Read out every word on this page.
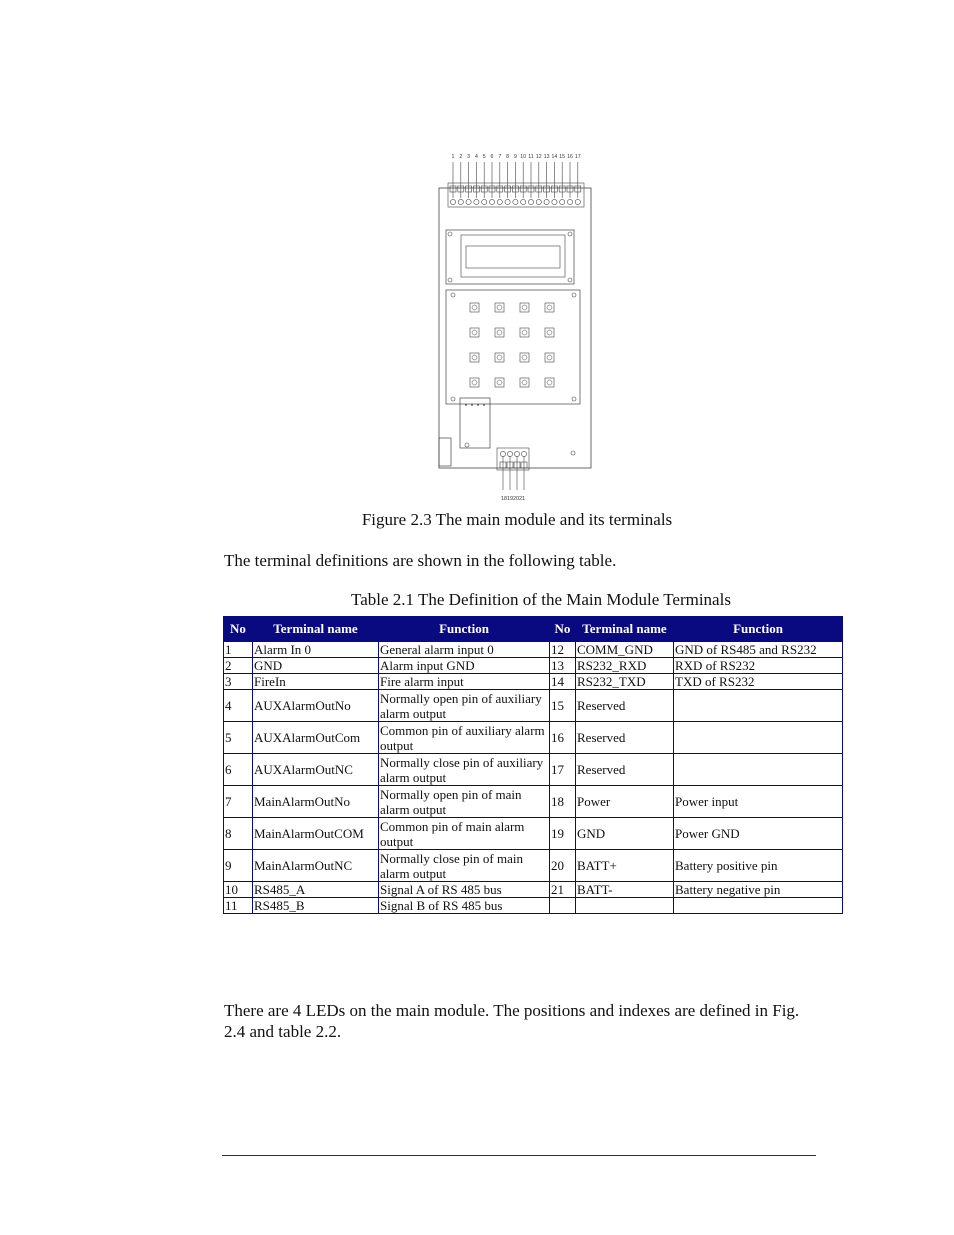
1 2 3 4 5 6 7 8 9 10 11 12 13 14 15 16 17
18192021
Figure 2.3 The main module and its terminals
The terminal definitions are shown in the following table.
Table 2.1 The Definition of the Main Module Terminals
No	Terminal name	Function	No	Terminal name	Function
1	Alarm In 0	General alarm input 0	12	COMM_GND	GND of RS485 and RS232
2	GND	Alarm input GND	13	RS232_RXD	RXD of RS232
3	FireIn	Fire alarm input	14	RS232_TXD	TXD of RS232
4	AUXAlarmOutNo	Normally open pin of auxiliary alarm output	15	Reserved	
5	AUXAlarmOutCom	Common pin of auxiliary alarm output	16	Reserved	
6	AUXAlarmOutNC	Normally close pin of auxiliary alarm output	17	Reserved	
7	MainAlarmOutNo	Normally open pin of main alarm output	18	Power	Power input
8	MainAlarmOutCOM	Common pin of main alarm output	19	GND	Power GND
9	MainAlarmOutNC	Normally close pin of main alarm output	20	BATT+	Battery positive pin
10	RS485_A	Signal A of RS 485 bus	21	BATT-	Battery negative pin
11	RS485_B	Signal B of RS 485 bus			
There are 4 LEDs on the main module. The positions and indexes are defined in Fig. 2.4 and table 2.2.
